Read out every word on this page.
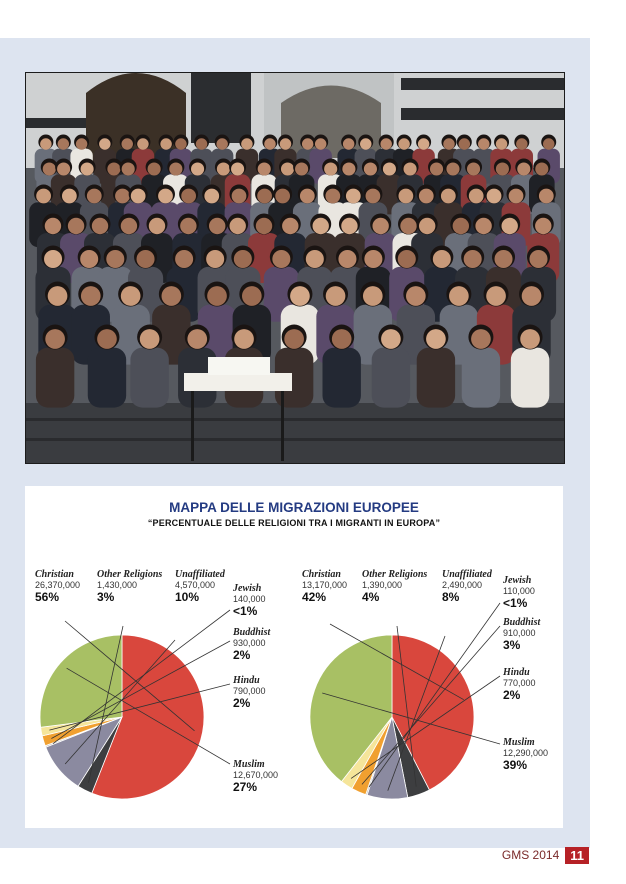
MAPPA DELLE MIGRAZIONI EUROPEE
“PERCENTUALE DELLE RELIGIONI TRA I MIGRANTI IN EUROPA”
Christian
26,370,000
56%
Other Religions
1,430,000
3%
Unaffiliated
4,570,000
10%
Jewish
140,000
<1%
Buddhist
930,000
2%
Hindu
790,000
2%
Muslim
12,670,000
27%
Christian
13,170,000
42%
Other Religions
1,390,000
4%
Unaffiliated
2,490,000
8%
Jewish
110,000
<1%
Buddhist
910,000
3%
Hindu
770,000
2%
Muslim
12,290,000
39%
GMS 2014 11
